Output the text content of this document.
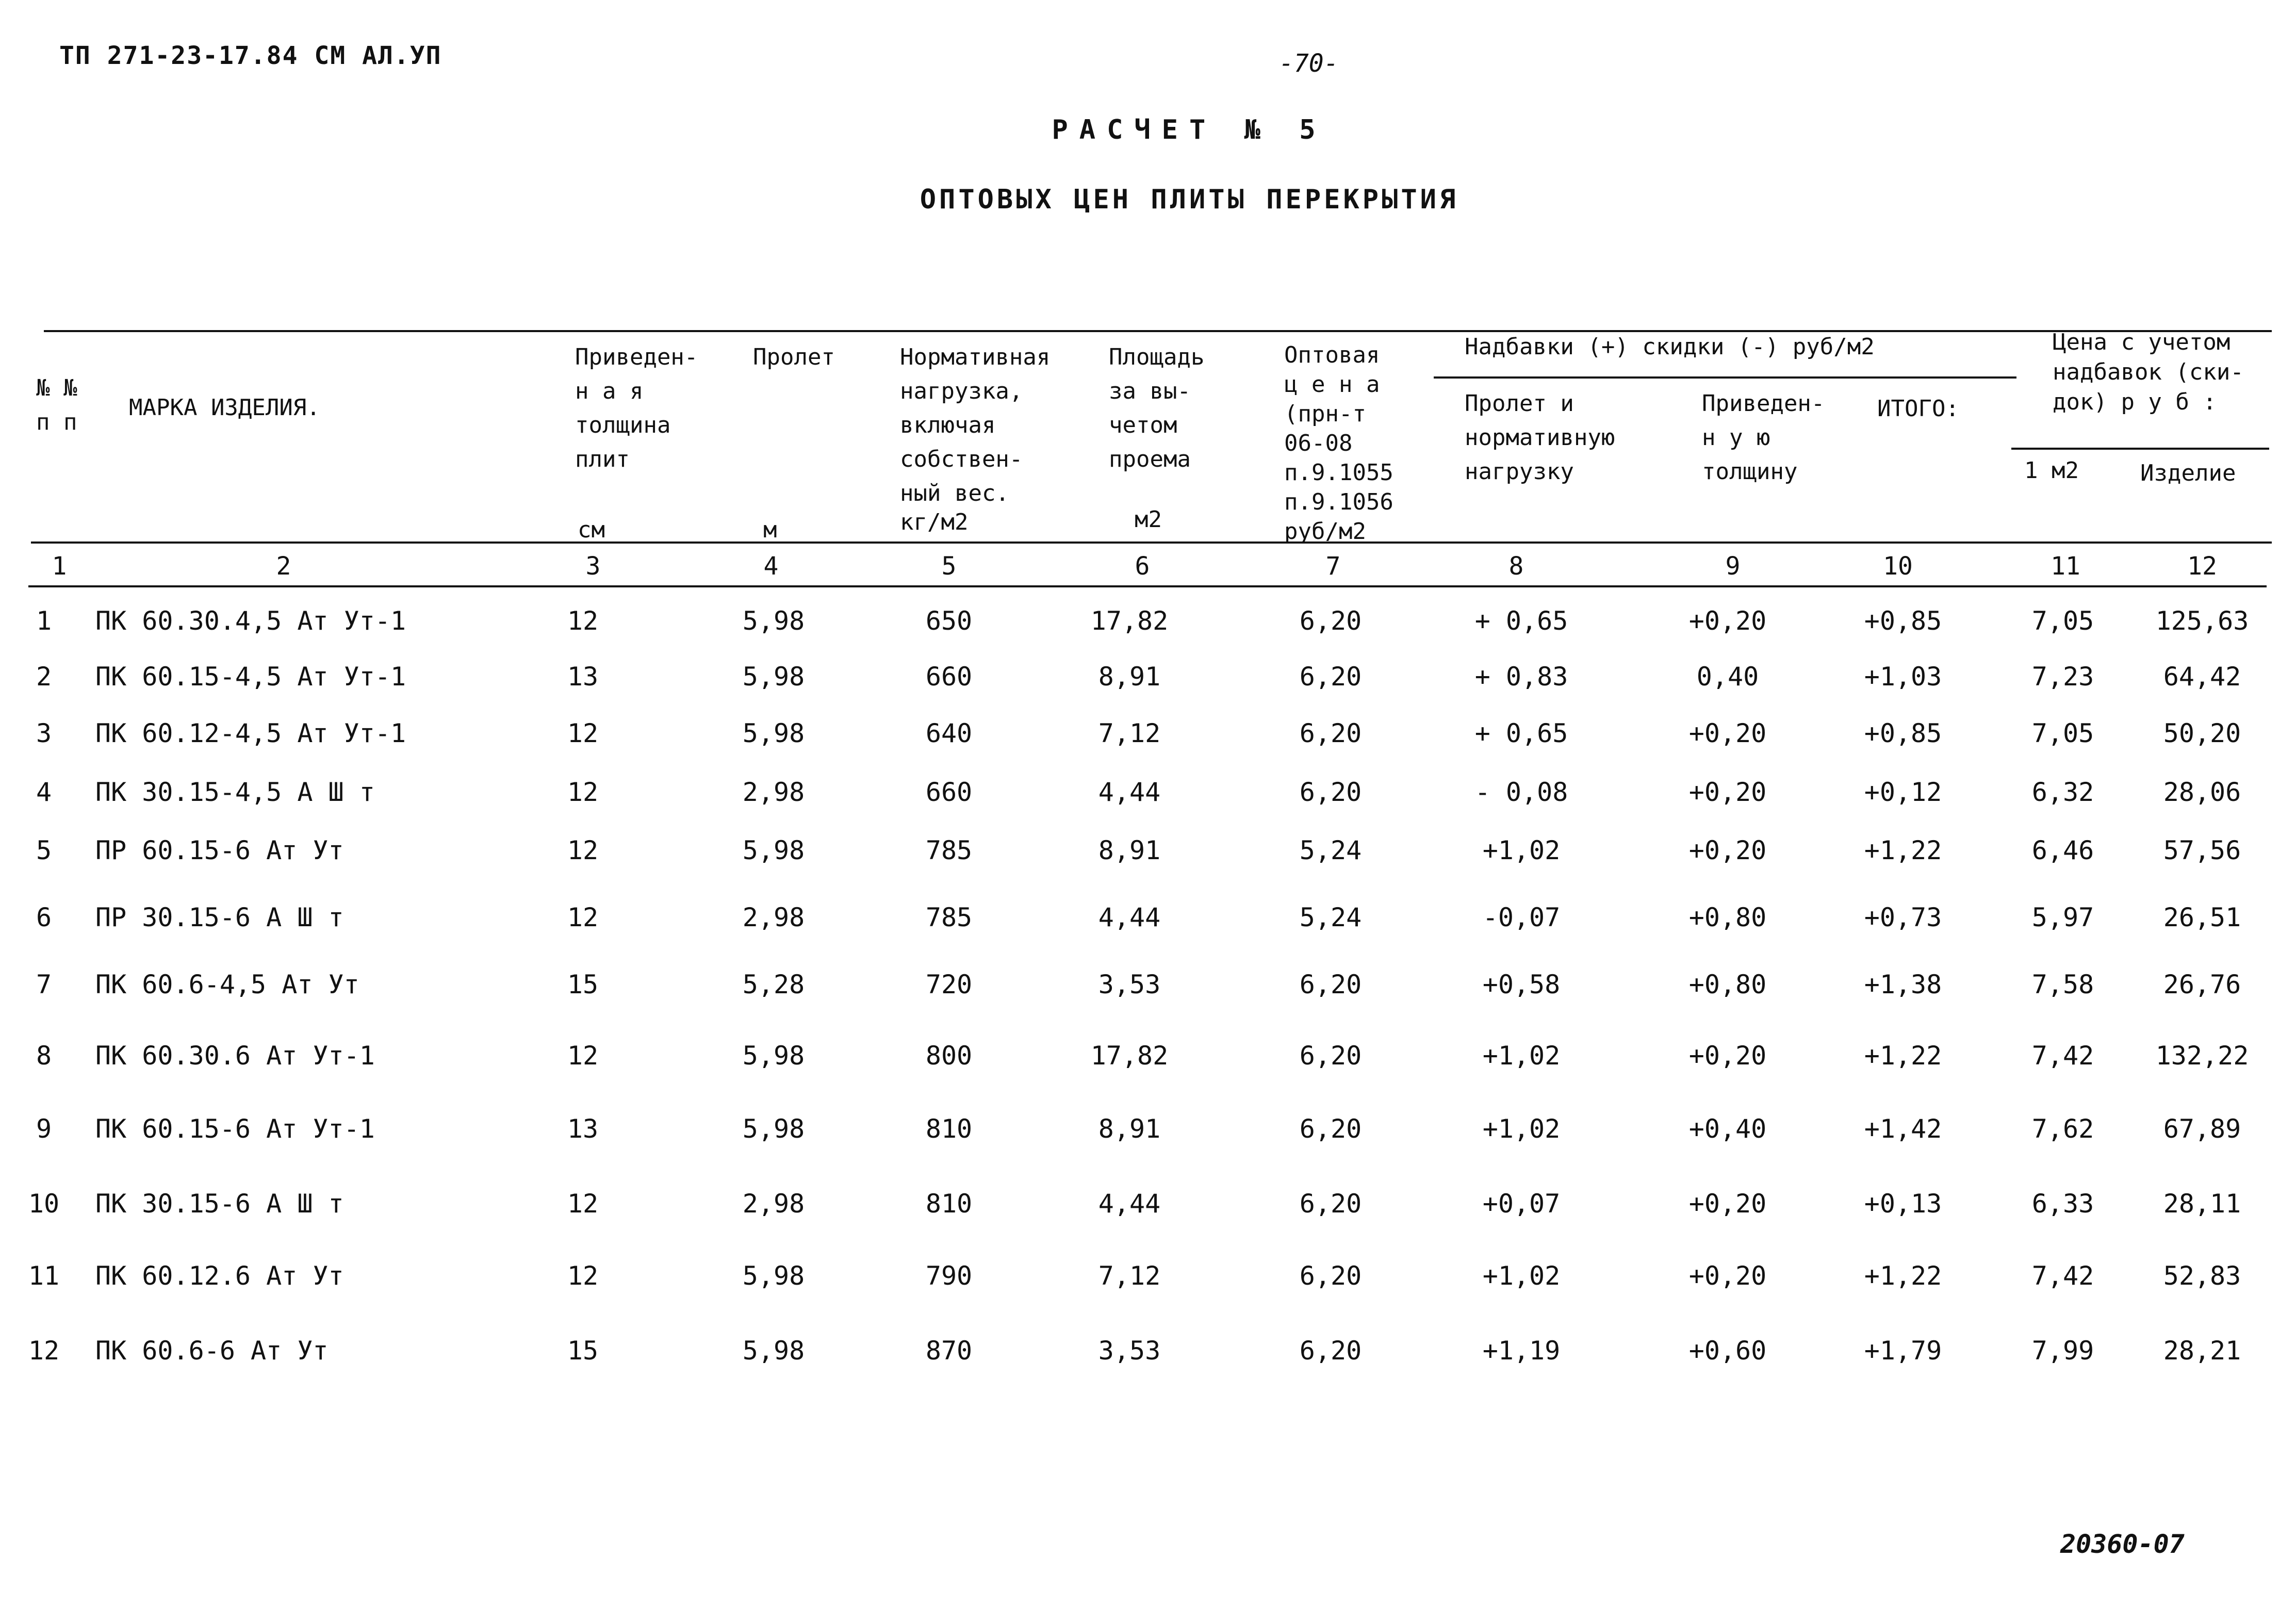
ТП 271-23-17.84 СМ АЛ.УП	-70-
РАСЧЕТ № 5
ОПТОВЫХ ЦЕН ПЛИТЫ ПЕРЕКРЫТИЯ
№ №
п п
МАРКА ИЗДЕЛИЯ.
Приведен-
н а я
толщина
плит
см
Пролет
м
Нормативная
нагрузка,
включая
собствен-
ный вес.
кг/м2
Площадь
за вы-
четом
проема
м2
Оптовая
ц е н а
(прн-т
06-08
п.9.1055
п.9.1056
руб/м2
Надбавки (+) скидки (-) руб/м2
Пролет и
нормативную
нагрузку
Приведен-
н у ю
толщину
ИТОГО:
Цена с учетом
надбавок (ски-
док) р у б :
1 м2	Изделие
1	2	3	4	5	6	7	8	9	10	11	12
1	ПК 60.30.4,5 Ат Ут-1	12	5,98	650	17,82	6,20	+ 0,65	+0,20	+0,85	7,05	125,63
2	ПК 60.15-4,5 Ат Ут-1	13	5,98	660	8,91	6,20	+ 0,83	0,40	+1,03	7,23	64,42
3	ПК 60.12-4,5 Ат Ут-1	12	5,98	640	7,12	6,20	+ 0,65	+0,20	+0,85	7,05	50,20
4	ПК 30.15-4,5 А Ш т	12	2,98	660	4,44	6,20	- 0,08	+0,20	+0,12	6,32	28,06
5	ПР 60.15-6 Ат Ут	12	5,98	785	8,91	5,24	+1,02	+0,20	+1,22	6,46	57,56
6	ПР 30.15-6 А Ш т	12	2,98	785	4,44	5,24	-0,07	+0,80	+0,73	5,97	26,51
7	ПК 60.6-4,5 Ат Ут	15	5,28	720	3,53	6,20	+0,58	+0,80	+1,38	7,58	26,76
8	ПК 60.30.6 Ат Ут-1	12	5,98	800	17,82	6,20	+1,02	+0,20	+1,22	7,42	132,22
9	ПК 60.15-6 Ат Ут-1	13	5,98	810	8,91	6,20	+1,02	+0,40	+1,42	7,62	67,89
10 ПК 30.15-6 А Ш т	12	2,98	810	4,44	6,20	+0,07	+0,20	+0,13	6,33	28,11
11 ПК 60.12.6 Ат Ут	12	5,98	790	7,12	6,20	+1,02	+0,20	+1,22	7,42	52,83
12 ПК 60.6-6 Ат Ут	15	5,98	870	3,53	6,20	+1,19	+0,60	+1,79	7,99	28,21
20360-07
